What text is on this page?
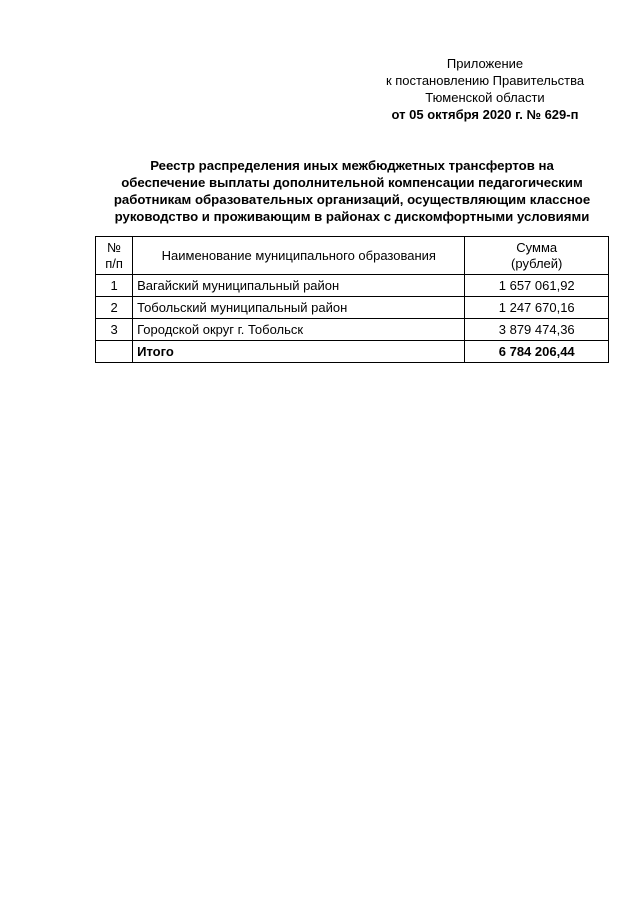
Приложение
к постановлению Правительства
Тюменской области
от 05 октября 2020 г. № 629-п
Реестр распределения иных межбюджетных трансфертов на
обеспечение выплаты дополнительной компенсации педагогическим
работникам образовательных организаций, осуществляющим классное
руководство и проживающим в районах с дискомфортными условиями
№
п/п	Наименование муниципального образования	Сумма
(рублей)
1	Вагайский муниципальный район	1 657 061,92
2	Тобольский муниципальный район	1 247 670,16
3	Городской округ г. Тобольск	3 879 474,36
	Итого	6 784 206,44
